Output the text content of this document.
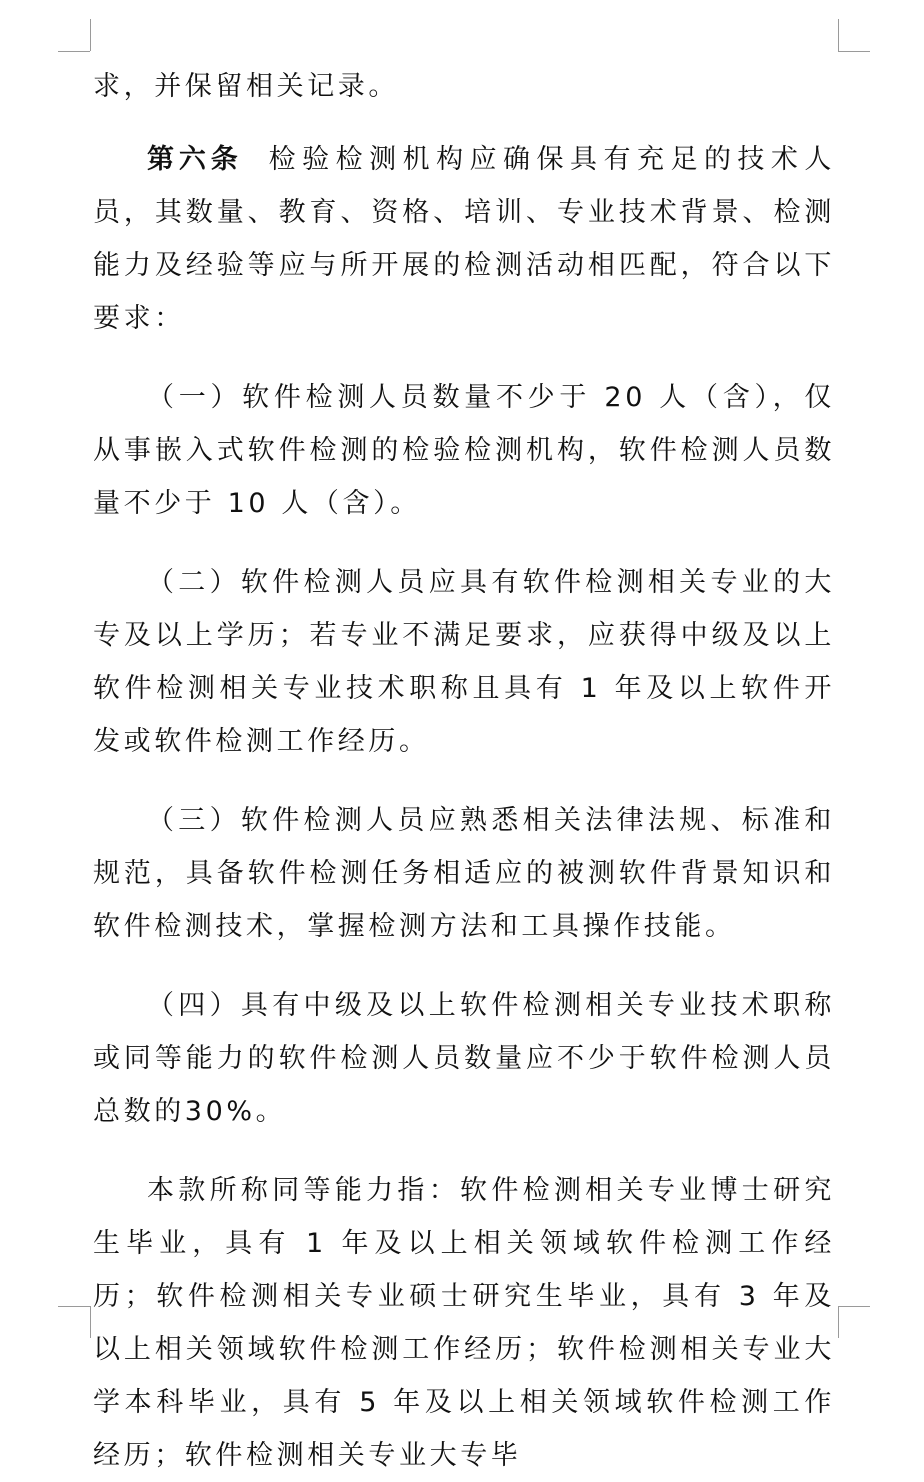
求，并保留相关记录。

第六条 检验检测机构应确保具有充足的技术人员，其数量、教育、资格、培训、专业技术背景、检测能力及经验等应与所开展的检测活动相匹配，符合以下要求：

（一）软件检测人员数量不少于 20 人（含），仅从事嵌入式软件检测的检验检测机构，软件检测人员数量不少于 10 人（含）。

（二）软件检测人员应具有软件检测相关专业的大专及以上学历；若专业不满足要求，应获得中级及以上软件检测相关专业技术职称且具有 1 年及以上软件开发或软件检测工作经历。

（三）软件检测人员应熟悉相关法律法规、标准和规范，具备软件检测任务相适应的被测软件背景知识和软件检测技术，掌握检测方法和工具操作技能。

（四）具有中级及以上软件检测相关专业技术职称或同等能力的软件检测人员数量应不少于软件检测人员总数的30%。

本款所称同等能力指：软件检测相关专业博士研究生毕业，具有 1 年及以上相关领域软件检测工作经历；软件检测相关专业硕士研究生毕业，具有 3 年及以上相关领域软件检测工作经历；软件检测相关专业大学本科毕业，具有 5 年及以上相关领域软件检测工作经历；软件检测相关专业大专毕
